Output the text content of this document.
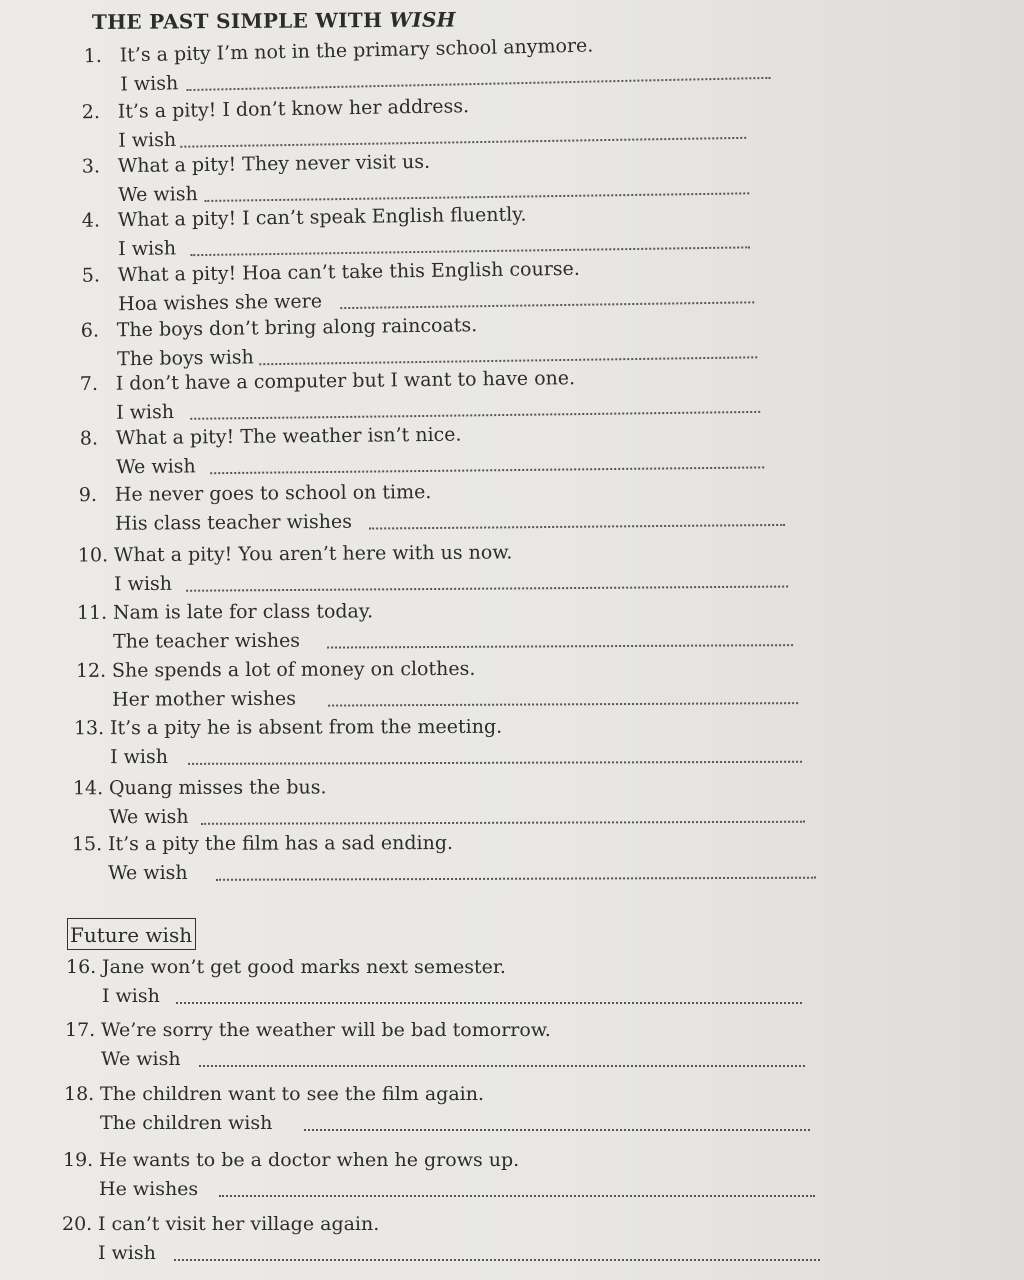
THE PAST SIMPLE WITH WISH
1. It’s a pity I’m not in the primary school anymore.
I wish
2. It’s a pity! I don’t know her address.
I wish
3. What a pity! They never visit us.
We wish
4. What a pity! I can’t speak English fluently.
I wish
5. What a pity! Hoa can’t take this English course.
Hoa wishes she were
6. The boys don’t bring along raincoats.
The boys wish
7. I don’t have a computer but I want to have one.
I wish
8. What a pity! The weather isn’t nice.
We wish
9. He never goes to school on time.
His class teacher wishes
10. What a pity! You aren’t here with us now.
I wish
11. Nam is late for class today.
The teacher wishes
12. She spends a lot of money on clothes.
Her mother wishes
13. It’s a pity he is absent from the meeting.
I wish
14. Quang misses the bus.
We wish
15. It’s a pity the film has a sad ending.
We wish
Future wish
16. Jane won’t get good marks next semester.
I wish
17. We’re sorry the weather will be bad tomorrow.
We wish
18. The children want to see the film again.
The children wish
19. He wants to be a doctor when he grows up.
He wishes
20. I can’t visit her village again.
I wish
